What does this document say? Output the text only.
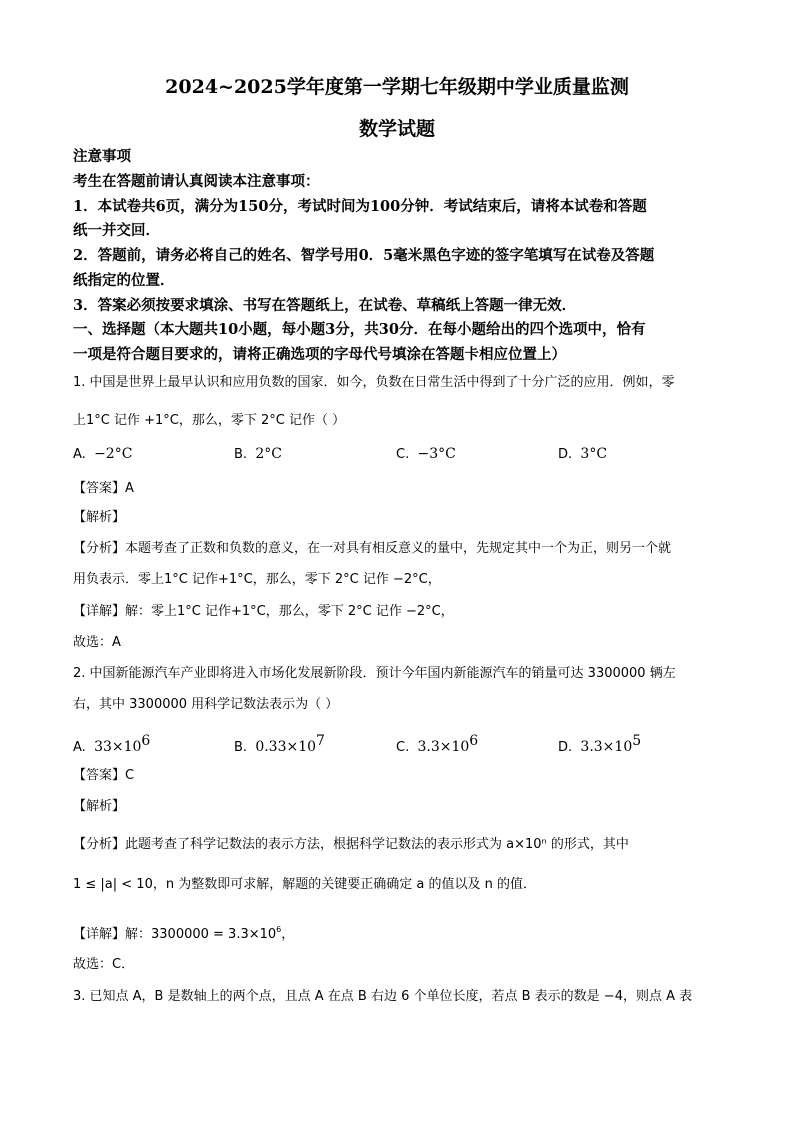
2024~2025学年度第一学期七年级期中学业质量监测
数学试题
注意事项
考生在答题前请认真阅读本注意事项：
1．本试卷共6页，满分为150分，考试时间为100分钟．考试结束后，请将本试卷和答题
纸一并交回．
2．答题前，请务必将自己的姓名、智学号用0．5毫米黑色字迹的签字笔填写在试卷及答题
纸指定的位置．
3．答案必须按要求填涂、书写在答题纸上，在试卷、草稿纸上答题一律无效．
一、选择题（本大题共10小题，每小题3分，共30分．在每小题给出的四个选项中，恰有
一项是符合题目要求的，请将正确选项的字母代号填涂在答题卡相应位置上）
1. 中国是世界上最早认识和应用负数的国家．如今，负数在日常生活中得到了十分广泛的应用．例如，零
上1°C 记作 +1°C，那么，零下 2°C 记作（ ）
A. −2°C	B. 2°C	C. −3°C	D. 3°C
【答案】A
【解析】
【分析】本题考查了正数和负数的意义，在一对具有相反意义的量中，先规定其中一个为正，则另一个就
用负表示．零上1°C 记作+1°C，那么，零下 2°C 记作 −2°C，
【详解】解：零上1°C 记作+1°C，那么，零下 2°C 记作 −2°C，
故选：A
2. 中国新能源汽车产业即将进入市场化发展新阶段．预计今年国内新能源汽车的销量可达 3300000 辆左
右，其中 3300000 用科学记数法表示为（ ）
A. $33\times 10^6$	B. $0.33\times 10^7$	C. $3.3\times 10^6$	D. $3.3\times 10^5$
【答案】C
【解析】
【分析】此题考查了科学记数法的表示方法，根据科学记数法的表示形式为 a×10ⁿ 的形式，其中
1 ≤ |a| < 10，n 为整数即可求解，解题的关键要正确确定 a 的值以及 n 的值．
【详解】解：$3300000 = 3.3\times 10^6$，
故选：C．
3. 已知点 A，B 是数轴上的两个点，且点 A 在点 B 右边 6 个单位长度，若点 B 表示的数是 −4，则点 A 表
